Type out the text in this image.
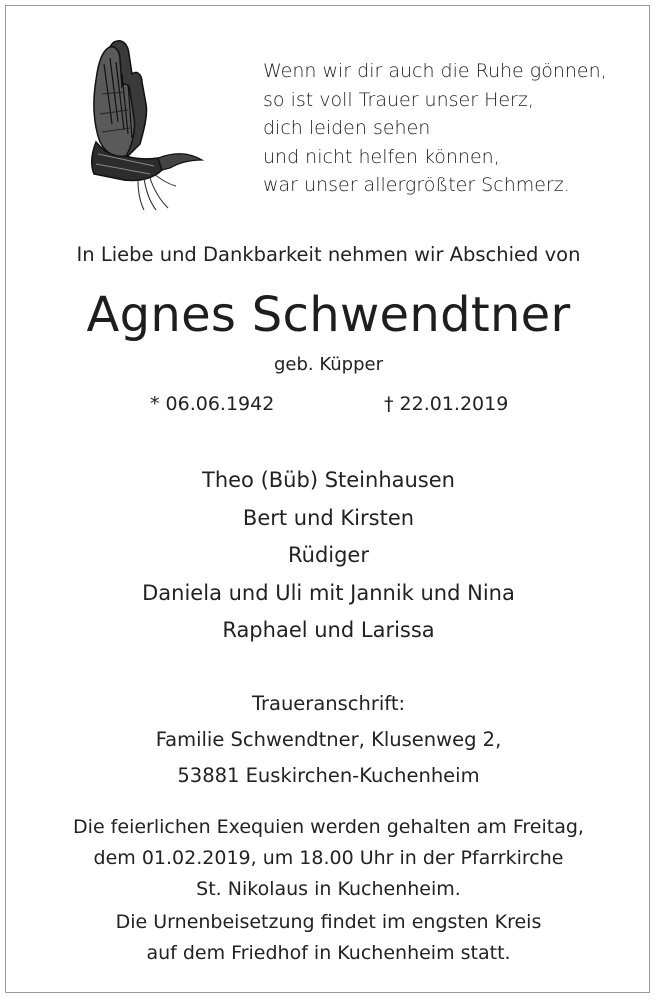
Wenn wir dir auch die Ruhe gönnen,
so ist voll Trauer unser Herz,
dich leiden sehen
und nicht helfen können,
war unser allergrößter Schmerz.
In Liebe und Dankbarkeit nehmen wir Abschied von
Agnes Schwendtner
geb. Küpper
* 06.06.1942	† 22.01.2019
Theo (Büb) Steinhausen
Bert und Kirsten
Rüdiger
Daniela und Uli mit Jannik und Nina
Raphael und Larissa
Traueranschrift:
Familie Schwendtner, Klusenweg 2,
53881 Euskirchen-Kuchenheim
Die feierlichen Exequien werden gehalten am Freitag,
dem 01.02.2019, um 18.00 Uhr in der Pfarrkirche
St. Nikolaus in Kuchenheim.
Die Urnenbeisetzung findet im engsten Kreis
auf dem Friedhof in Kuchenheim statt.
